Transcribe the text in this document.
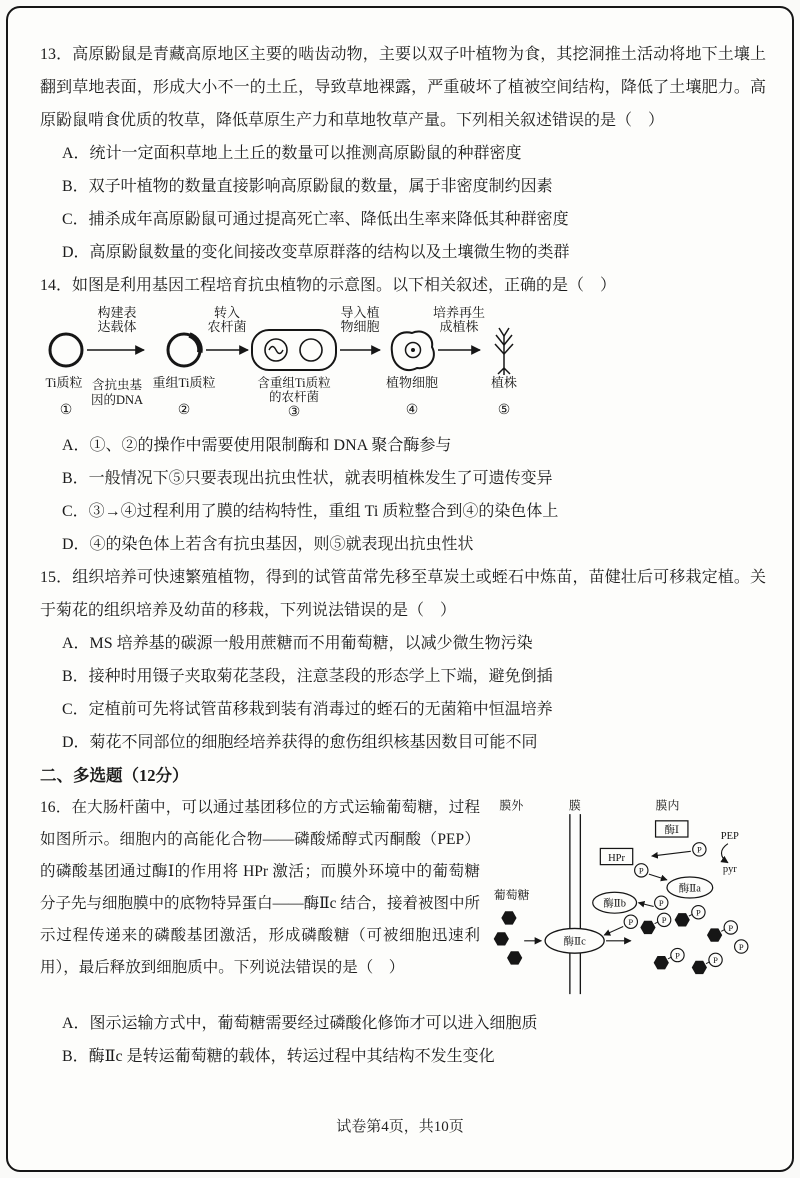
13．高原鼢鼠是青藏高原地区主要的啮齿动物，主要以双子叶植物为食，其挖洞推土活动将地下土壤上翻到草地表面，形成大小不一的土丘，导致草地裸露，严重破坏了植被空间结构，降低了土壤肥力。高原鼢鼠啃食优质的牧草，降低草原生产力和草地牧草产量。下列相关叙述错误的是（　）

A．统计一定面积草地上土丘的数量可以推测高原鼢鼠的种群密度

B．双子叶植物的数量直接影响高原鼢鼠的数量，属于非密度制约因素

C．捕杀成年高原鼢鼠可通过提高死亡率、降低出生率来降低其种群密度

D．高原鼢鼠数量的变化间接改变草原群落的结构以及土壤微生物的类群

14．如图是利用基因工程培育抗虫植物的示意图。以下相关叙述，正确的是（　）

Ti质粒
①
构建表
达载体
含抗虫基
因的DNA
重组Ti质粒
②
转入
农杆菌
含重组Ti质粒
的农杆菌
③
导入植
物细胞
植物细胞
④
培养再生
成植株
植株
⑤

A．①、②的操作中需要使用限制酶和 DNA 聚合酶参与

B．一般情况下⑤只要表现出抗虫性状，就表明植株发生了可遗传变异

C．③→④过程利用了膜的结构特性，重组 Ti 质粒整合到④的染色体上

D．④的染色体上若含有抗虫基因，则⑤就表现出抗虫性状

15．组织培养可快速繁殖植物，得到的试管苗常先移至草炭土或蛭石中炼苗，苗健壮后可移栽定植。关于菊花的组织培养及幼苗的移栽，下列说法错误的是（　）

A．MS 培养基的碳源一般用蔗糖而不用葡萄糖，以减少微生物污染

B．接种时用镊子夹取菊花茎段，注意茎段的形态学上下端，避免倒插

C．定植前可先将试管苗移栽到装有消毒过的蛭石的无菌箱中恒温培养

D．菊花不同部位的细胞经培养获得的愈伤组织核基因数目可能不同

二、多选题（12分）

膜外	膜	膜内
酶Ⅰ
PEP
pyr
P
HPr
P
酶Ⅱa
P
酶Ⅱb
P
酶Ⅱc
葡萄糖
P
P
P
P	P
P

16．在大肠杆菌中，可以通过基团移位的方式运输葡萄糖，过程如图所示。细胞内的高能化合物——磷酸烯醇式丙酮酸（PEP）的磷酸基团通过酶Ⅰ的作用将 HPr 激活；而膜外环境中的葡萄糖分子先与细胞膜中的底物特异蛋白——酶Ⅱc 结合，接着被图中所示过程传递来的磷酸基团激活，形成磷酸糖（可被细胞迅速利用），最后释放到细胞质中。下列说法错误的是（　）

A．图示运输方式中，葡萄糖需要经过磷酸化修饰才可以进入细胞质

B．酶Ⅱc 是转运葡萄糖的载体，转运过程中其结构不发生变化

试卷第4页，共10页
